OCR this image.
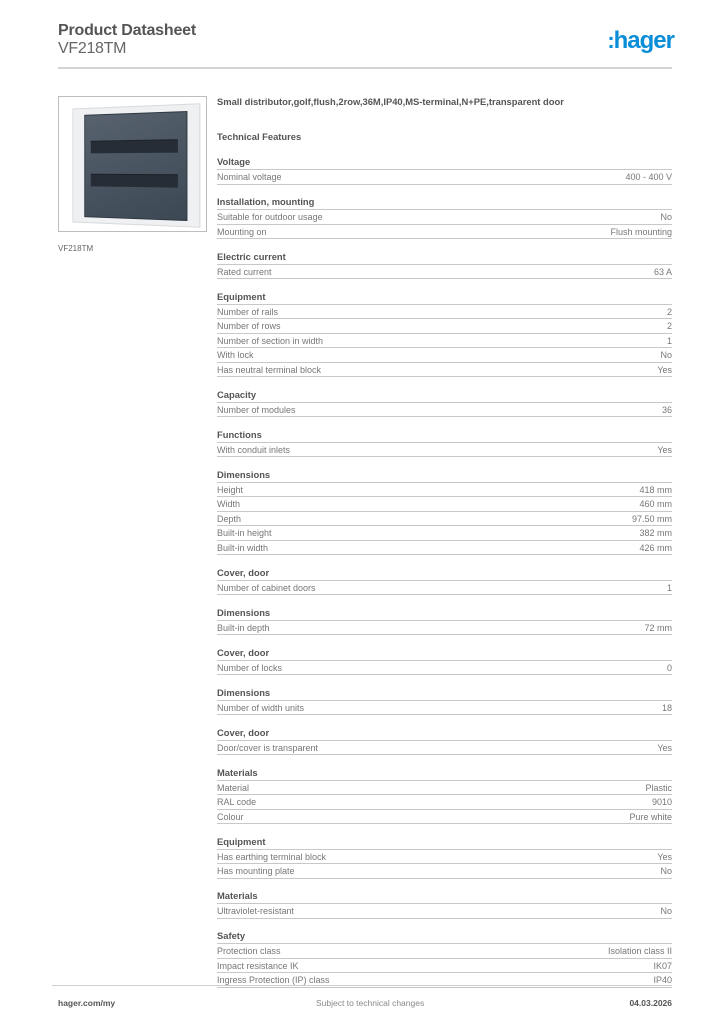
Product Datasheet
VF218TM	:hager
VF218TM
Small distributor,golf,flush,2row,36M,IP40,MS-terminal,N+PE,transparent door
Technical Features
Voltage
Nominal voltage	400 - 400 V
Installation, mounting
Suitable for outdoor usage	No
Mounting on	Flush mounting
Electric current
Rated current	63 A
Equipment
Number of rails	2
Number of rows	2
Number of section in width	1
With lock	No
Has neutral terminal block	Yes
Capacity
Number of modules	36
Functions
With conduit inlets	Yes
Dimensions
Height	418 mm
Width	460 mm
Depth	97.50 mm
Built-in height	382 mm
Built-in width	426 mm
Cover, door
Number of cabinet doors	1
Dimensions
Built-in depth	72 mm
Cover, door
Number of locks	0
Dimensions
Number of width units	18
Cover, door
Door/cover is transparent	Yes
Materials
Material	Plastic
RAL code	9010
Colour	Pure white
Equipment
Has earthing terminal block	Yes
Has mounting plate	No
Materials
Ultraviolet-resistant	No
Safety
Protection class	Isolation class II
Impact resistance IK	IK07
Ingress Protection (IP) class	IP40
hager.com/my	Subject to technical changes	04.03.2026
